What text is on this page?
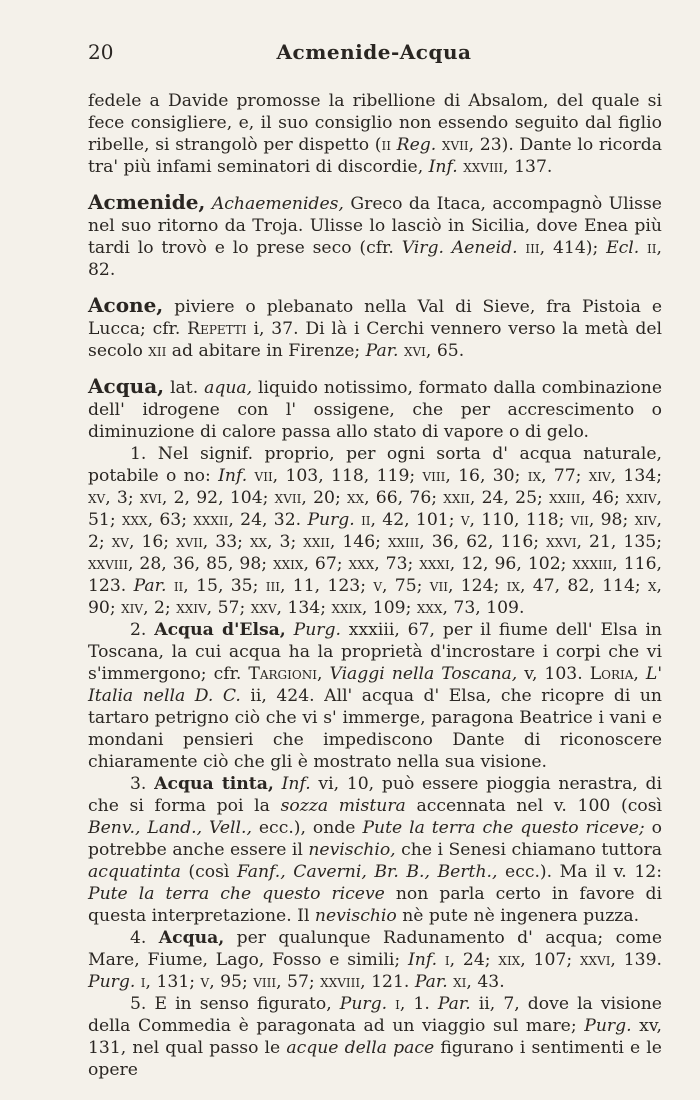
20	Acmenide-Acqua

fedele a Davide promosse la ribellione di Absalom, del quale si fece consigliere, e, il suo consiglio non essendo seguito dal figlio ribelle, si strangolò per dispetto (ii Reg. xvii, 23). Dante lo ricorda tra' più infami seminatori di discordie, Inf. xxviii, 137.

Acmenide, Achaemenides, Greco da Itaca, accompagnò Ulisse nel suo ritorno da Troja. Ulisse lo lasciò in Sicilia, dove Enea più tardi lo trovò e lo prese seco (cfr. Virg. Aeneid. iii, 414); Ecl. ii, 82.

Acone, piviere o plebanato nella Val di Sieve, fra Pistoia e Lucca; cfr. Repetti i, 37. Di là i Cerchi vennero verso la metà del secolo xii ad abitare in Firenze; Par. xvi, 65.

Acqua, lat. aqua, liquido notissimo, formato dalla combinazione dell' idrogene con l' ossigene, che per accrescimento o diminuzione di calore passa allo stato di vapore o di gelo.

1. Nel signif. proprio, per ogni sorta d' acqua naturale, potabile o no: Inf. vii, 103, 118, 119; viii, 16, 30; ix, 77; xiv, 134; xv, 3; xvi, 2, 92, 104; xvii, 20; xx, 66, 76; xxii, 24, 25; xxiii, 46; xxiv, 51; xxx, 63; xxxii, 24, 32. Purg. ii, 42, 101; v, 110, 118; vii, 98; xiv, 2; xv, 16; xvii, 33; xx, 3; xxii, 146; xxiii, 36, 62, 116; xxvi, 21, 135; xxviii, 28, 36, 85, 98; xxix, 67; xxx, 73; xxxi, 12, 96, 102; xxxiii, 116, 123. Par. ii, 15, 35; iii, 11, 123; v, 75; vii, 124; ix, 47, 82, 114; x, 90; xiv, 2; xxiv, 57; xxv, 134; xxix, 109; xxx, 73, 109.

2. Acqua d'Elsa, Purg. xxxiii, 67, per il fiume dell' Elsa in Toscana, la cui acqua ha la proprietà d'incrostare i corpi che vi s'immergono; cfr. Targioni, Viaggi nella Toscana, v, 103. Loria, L' Italia nella D. C. ii, 424. All' acqua d' Elsa, che ricopre di un tartaro petrigno ciò che vi s' immerge, paragona Beatrice i vani e mondani pensieri che impediscono Dante di riconoscere chiaramente ciò che gli è mostrato nella sua visione.

3. Acqua tinta, Inf. vi, 10, può essere pioggia nerastra, di che si forma poi la sozza mistura accennata nel v. 100 (così Benv., Land., Vell., ecc.), onde Pute la terra che questo riceve; o potrebbe anche essere il nevischio, che i Senesi chiamano tuttora acquatinta (così Fanf., Caverni, Br. B., Berth., ecc.). Ma il v. 12: Pute la terra che questo riceve non parla certo in favore di questa interpretazione. Il nevischio nè pute nè ingenera puzza.

4. Acqua, per qualunque Radunamento d' acqua; come Mare, Fiume, Lago, Fosso e simili; Inf. i, 24; xix, 107; xxvi, 139. Purg. i, 131; v, 95; viii, 57; xxviii, 121. Par. xi, 43.

5. E in senso figurato, Purg. i, 1. Par. ii, 7, dove la visione della Commedia è paragonata ad un viaggio sul mare; Purg. xv, 131, nel qual passo le acque della pace figurano i sentimenti e le opere
